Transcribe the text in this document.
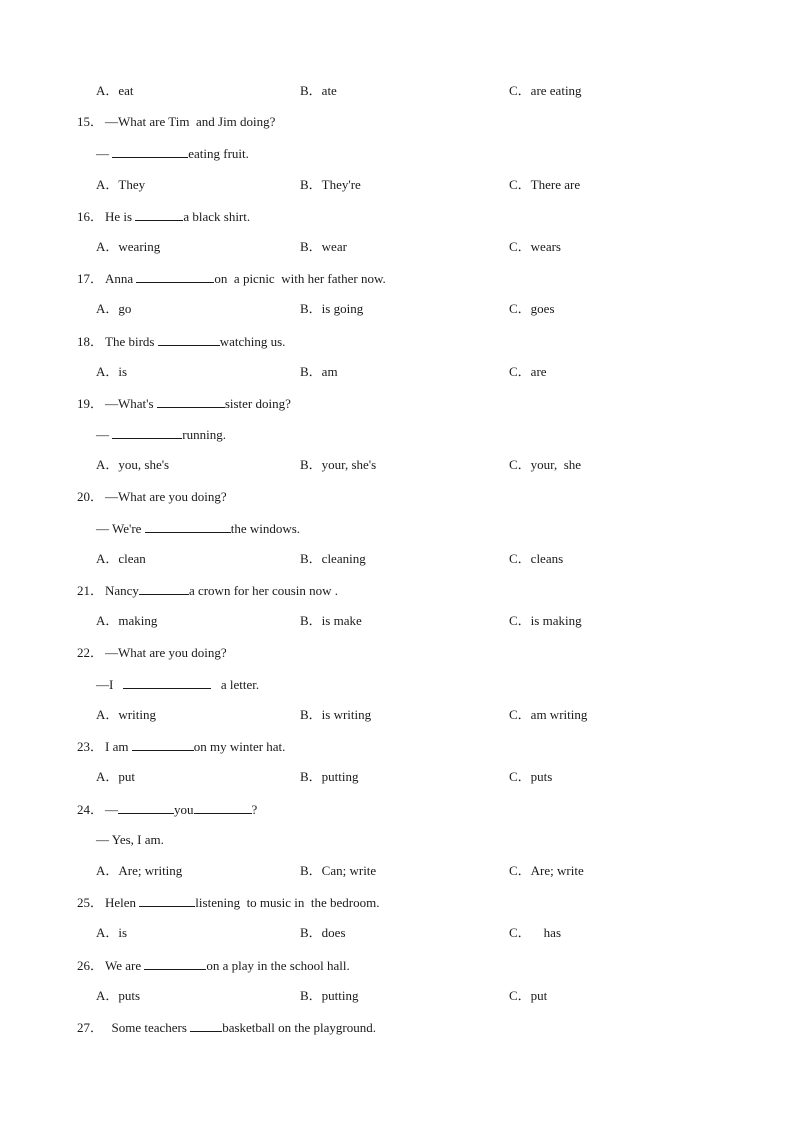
A．eat	B．ate	C．are eating
15． —What are Tim  and Jim doing?
—	eating fruit.
A．They	B．They're	C．There are
16． He is	a black shirt.
A．wearing	B．wear	C．wears
17． Anna	on  a picnic  with her father now.
A．go	B．is going	C．goes
18． The birds	watching us.
A．is	B．am	C．are
19． —What's	sister doing?
—	running.
A．you, she's	B．your, she's	C．your,  she
20． —What are you doing?
— We're	the windows.
A．clean	B．cleaning	C．cleans
21． Nancy	a crown for her cousin now .
A．making	B．is make	C．is making
22． —What are you doing?
—I	a letter.
A．writing	B．is writing	C．am writing
23． I am	on my winter hat.
A．put	B．putting	C．puts
24． —	you	?
— Yes, I am.
A．Are; writing	B．Can; write	C．Are; write
25． Helen	listening  to music in  the bedroom.
A．is	B．does	C．    has
26． We are	on a play in the school hall.
A．puts	B．putting	C．put
27．  Some teachers basketball on the playground.
